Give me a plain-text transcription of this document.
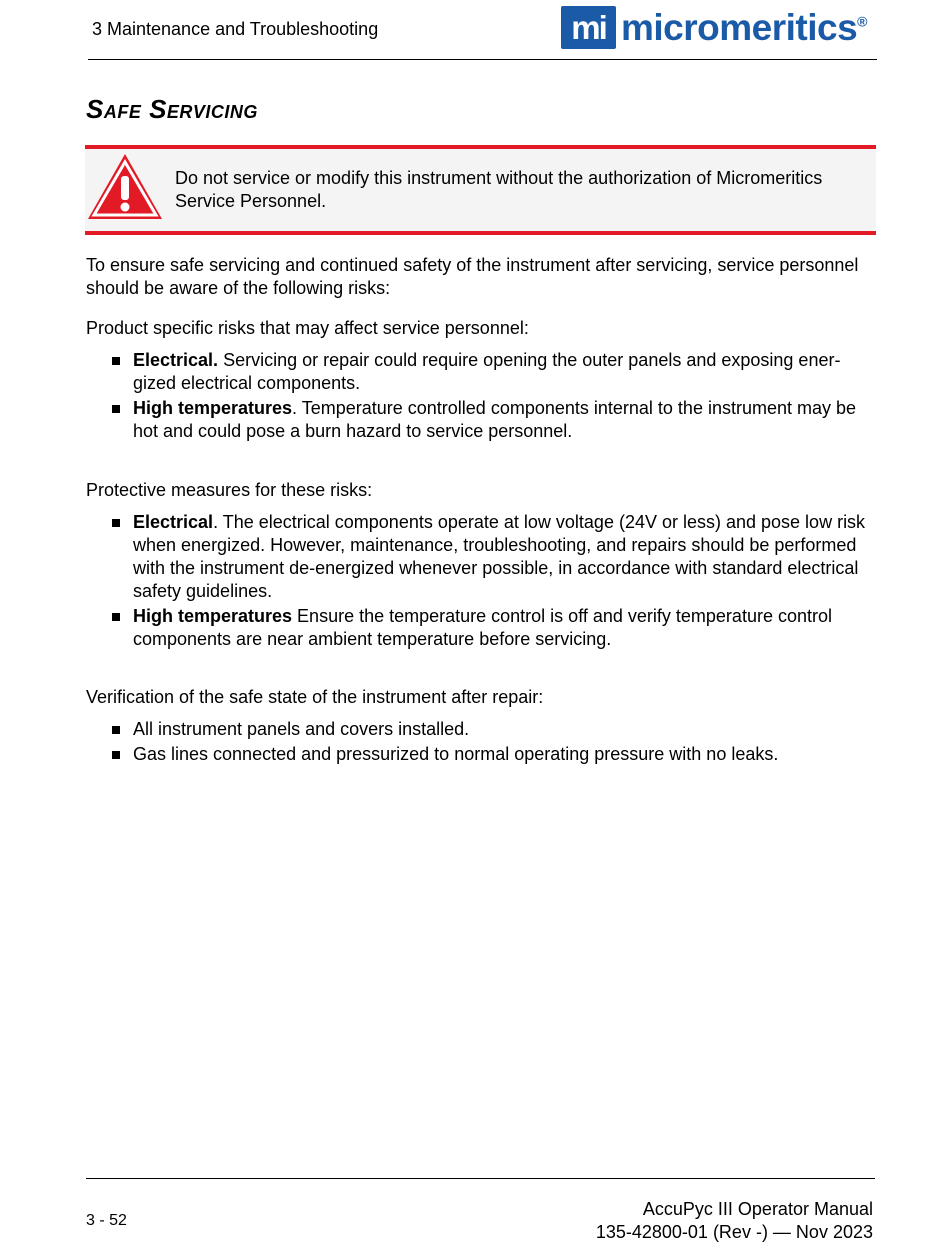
3 Maintenance and Troubleshooting	mi micromeritics®
Safe Servicing
Do not service or modify this instrument without the authorization of Micromeritics Service Personnel.

To ensure safe servicing and continued safety of the instrument after servicing, service personnel should be aware of the following risks:

Product specific risks that may affect service personnel:

Electrical. Servicing or repair could require opening the outer panels and exposing ener-gized electrical components.
High temperatures. Temperature controlled components internal to the instrument may be hot and could pose a burn hazard to service personnel.

Protective measures for these risks:

Electrical. The electrical components operate at low voltage (24V or less) and pose low risk when energized. However, maintenance, troubleshooting, and repairs should be performed with the instrument de-energized whenever possible, in accordance with standard electrical safety guidelines.
High temperatures Ensure the temperature control is off and verify temperature control components are near ambient temperature before servicing.

Verification of the safe state of the instrument after repair:

All instrument panels and covers installed.
Gas lines connected and pressurized to normal operating pressure with no leaks.
3 - 52
AccuPyc III Operator Manual
135-42800-01 (Rev -) — Nov 2023
